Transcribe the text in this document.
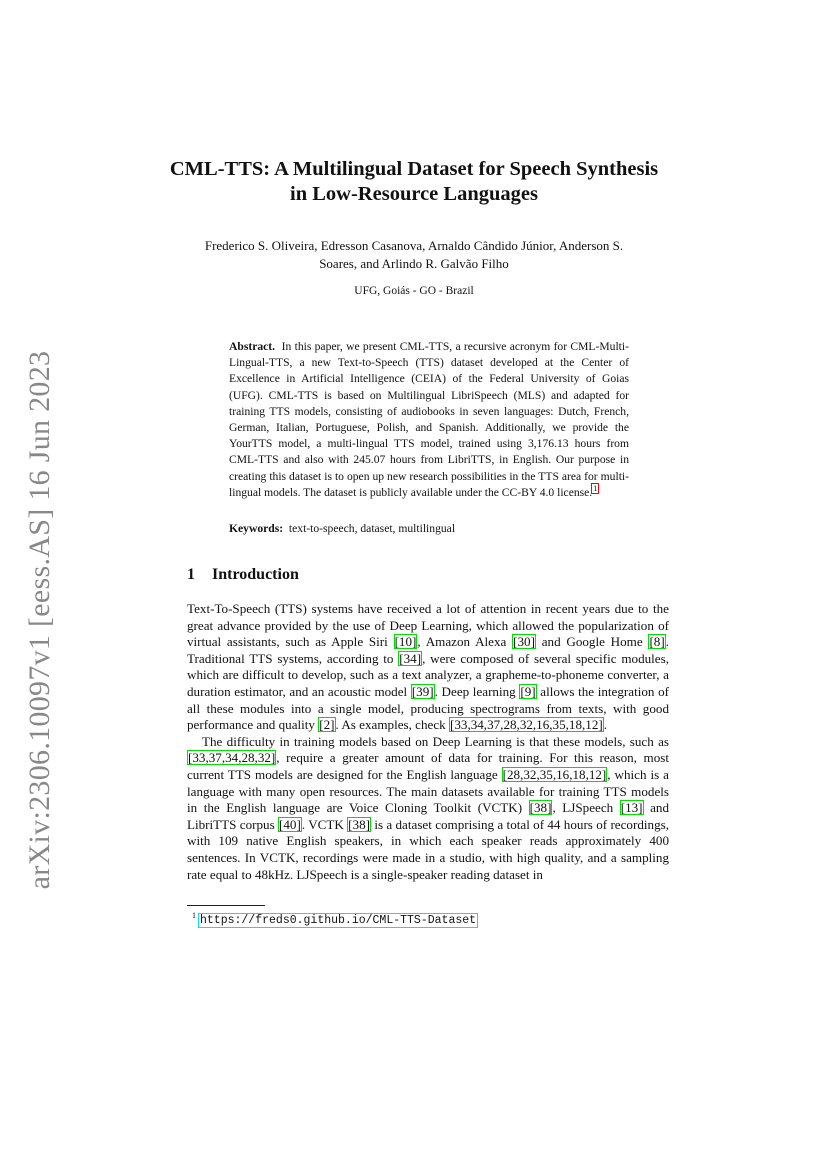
arXiv:2306.10097v1 [eess.AS] 16 Jun 2023
CML-TTS: A Multilingual Dataset for Speech Synthesis
in Low-Resource Languages
Frederico S. Oliveira, Edresson Casanova, Arnaldo Cândido Júnior, Anderson S.
Soares, and Arlindo R. Galvão Filho
UFG, Goiás - GO - Brazil
Abstract. In this paper, we present CML-TTS, a recursive acronym for CML-Multi-Lingual-TTS, a new Text-to-Speech (TTS) dataset developed at the Center of Excellence in Artificial Intelligence (CEIA) of the Federal University of Goias (UFG). CML-TTS is based on Multilingual LibriSpeech (MLS) and adapted for training TTS models, consisting of audiobooks in seven languages: Dutch, French, German, Italian, Portuguese, Polish, and Spanish. Additionally, we provide the YourTTS model, a multi-lingual TTS model, trained using 3,176.13 hours from CML-TTS and also with 245.07 hours from LibriTTS, in English. Our purpose in creating this dataset is to open up new research possibilities in the TTS area for multi-lingual models. The dataset is publicly available under the CC-BY 4.0 license.$^1$
Keywords: text-to-speech, dataset, multilingual
1 Introduction

Text-To-Speech (TTS) systems have received a lot of attention in recent years due to the great advance provided by the use of Deep Learning, which allowed the popularization of virtual assistants, such as Apple Siri [10], Amazon Alexa [30] and Google Home [8]. Traditional TTS systems, according to [34], were composed of several specific modules, which are difficult to develop, such as a text analyzer, a grapheme-to-phoneme converter, a duration estimator, and an acoustic model [39]. Deep learning [9] allows the integration of all these modules into a single model, producing spectrograms from texts, with good performance and quality [2]. As examples, check [33,34,37,28,32,16,35,18,12].

The difficulty in training models based on Deep Learning is that these models, such as [33,37,34,28,32], require a greater amount of data for training. For this reason, most current TTS models are designed for the English language [28,32,35,16,18,12], which is a language with many open resources. The main datasets available for training TTS models in the English language are Voice Cloning Toolkit (VCTK) [38], LJSpeech [13] and LibriTTS corpus [40]. VCTK [38] is a dataset comprising a total of 44 hours of recordings, with 109 native English speakers, in which each speaker reads approximately 400 sentences. In VCTK, recordings were made in a studio, with high quality, and a sampling rate equal to 48kHz. LJSpeech is a single-speaker reading dataset in

$^1$ https://freds0.github.io/CML-TTS-Dataset
